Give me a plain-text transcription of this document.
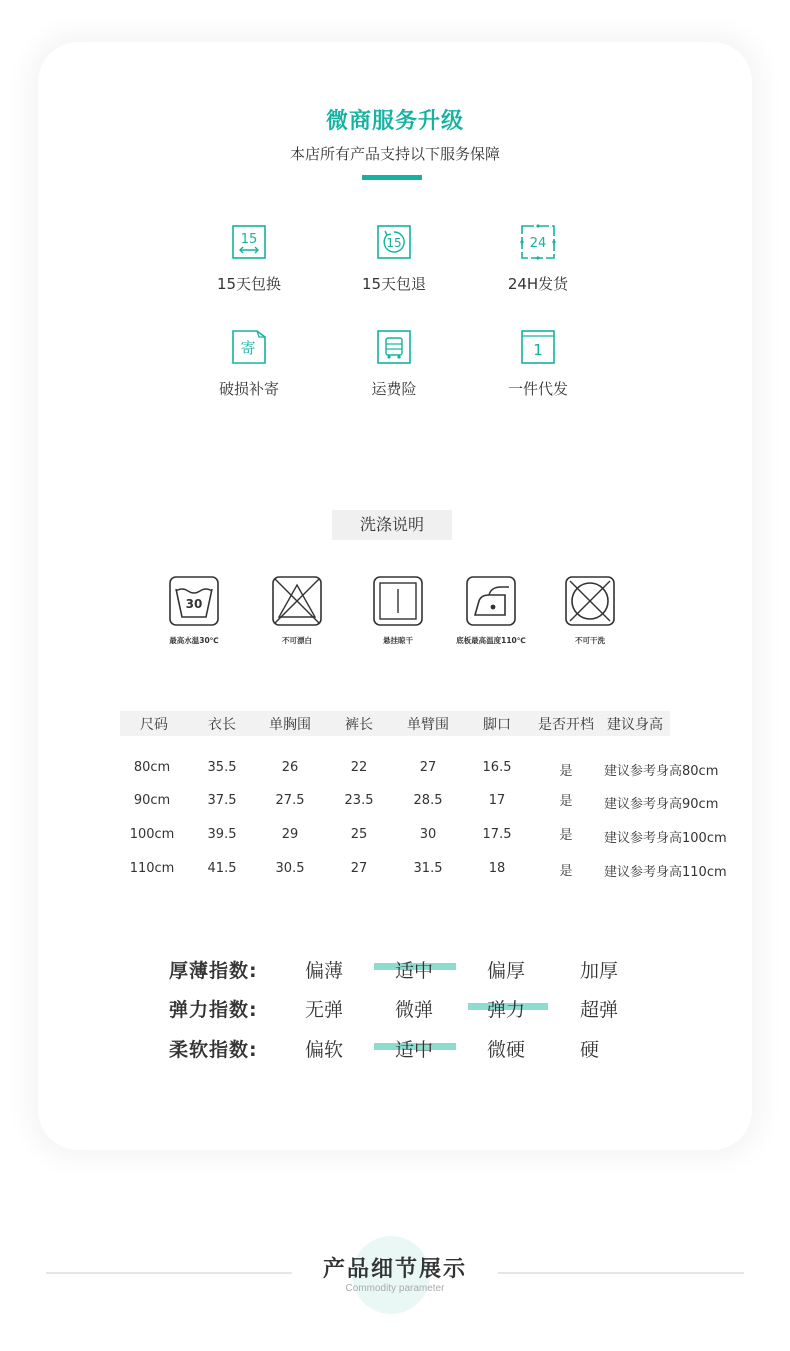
微商服务升级
本店所有产品支持以下服务保障
15
15天包换
15
15天包退
24
24H发货
寄
破损补寄	运费险
1
一件代发
洗涤说明
30
最高水温30℃	不可漂白	悬挂晾干	底板最高温度110℃	不可干洗
尺码	衣长 单胸围 裤长 单臂围 脚口 是否开档 建议身高
80cm	35.5	26	22	27	16.5	是 建议参考身高80cm
90cm	37.5	27.5	23.5	28.5	17	是 建议参考身高90cm
100cm	39.5	29	25	30	17.5	是 建议参考身高100cm
110cm	41.5	30.5	27	31.5	18	是 建议参考身高110cm
厚薄指数: 偏薄	适中	偏厚	加厚
弹力指数: 无弹	微弹	弹力	超弹
柔软指数: 偏软	适中	微硬	硬
产品细节展示
Commodity parameter
